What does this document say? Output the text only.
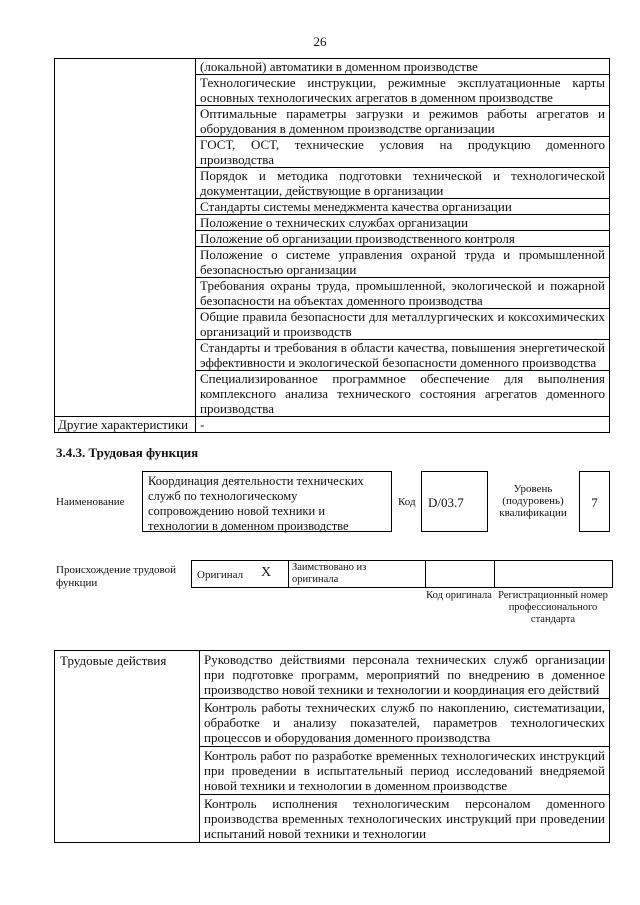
26
	(локальной) автоматики в доменном производстве
	Технологические инструкции, режимные эксплуатационные карты основных технологических агрегатов в доменном производстве
	Оптимальные параметры загрузки и режимов работы агрегатов и оборудования в доменном производстве организации
	ГОСТ, ОСТ, технические условия на продукцию доменного производства
	Порядок и методика подготовки технической и технологической документации, действующие в организации
	Стандарты системы менеджмента качества организации
	Положение о технических службах организации
	Положение об организации производственного контроля
	Положение о системе управления охраной труда и промышленной безопасностью организации
	Требования охраны труда, промышленной, экологической и пожарной безопасности на объектах доменного производства
	Общие правила безопасности для металлургических и коксохимических организаций и производств
	Стандарты и требования в области качества, повышения энергетической эффективности и экологической безопасности доменного производства
	Специализированное программное обеспечение для выполнения комплексного анализа технического состояния агрегатов доменного производства
Другие характеристики	-
3.4.3. Трудовая функция
Наименование
Координация деятельности технических служб по технологическому сопровождению новой техники и технологии в доменном производстве
Код D/03.7
Уровень (подуровень) квалификации
7
Происхождение трудовой функции
Оригинал X Заимствовано из оригинала
Код оригинала Регистрационный номер профессионального стандарта
Трудовые действия	Руководство действиями персонала технических служб организации при подготовке программ, мероприятий по внедрению в доменное производство новой техники и технологии и координация его действий
Контроль работы технических служб по накоплению, систематизации, обработке и анализу показателей, параметров технологических процессов и оборудования доменного производства
Контроль работ по разработке временных технологических инструкций при проведении в испытательный период исследований внедряемой новой техники и технологии в доменном производстве
Контроль исполнения технологическим персоналом доменного производства временных технологических инструкций при проведении испытаний новой техники и технологии
